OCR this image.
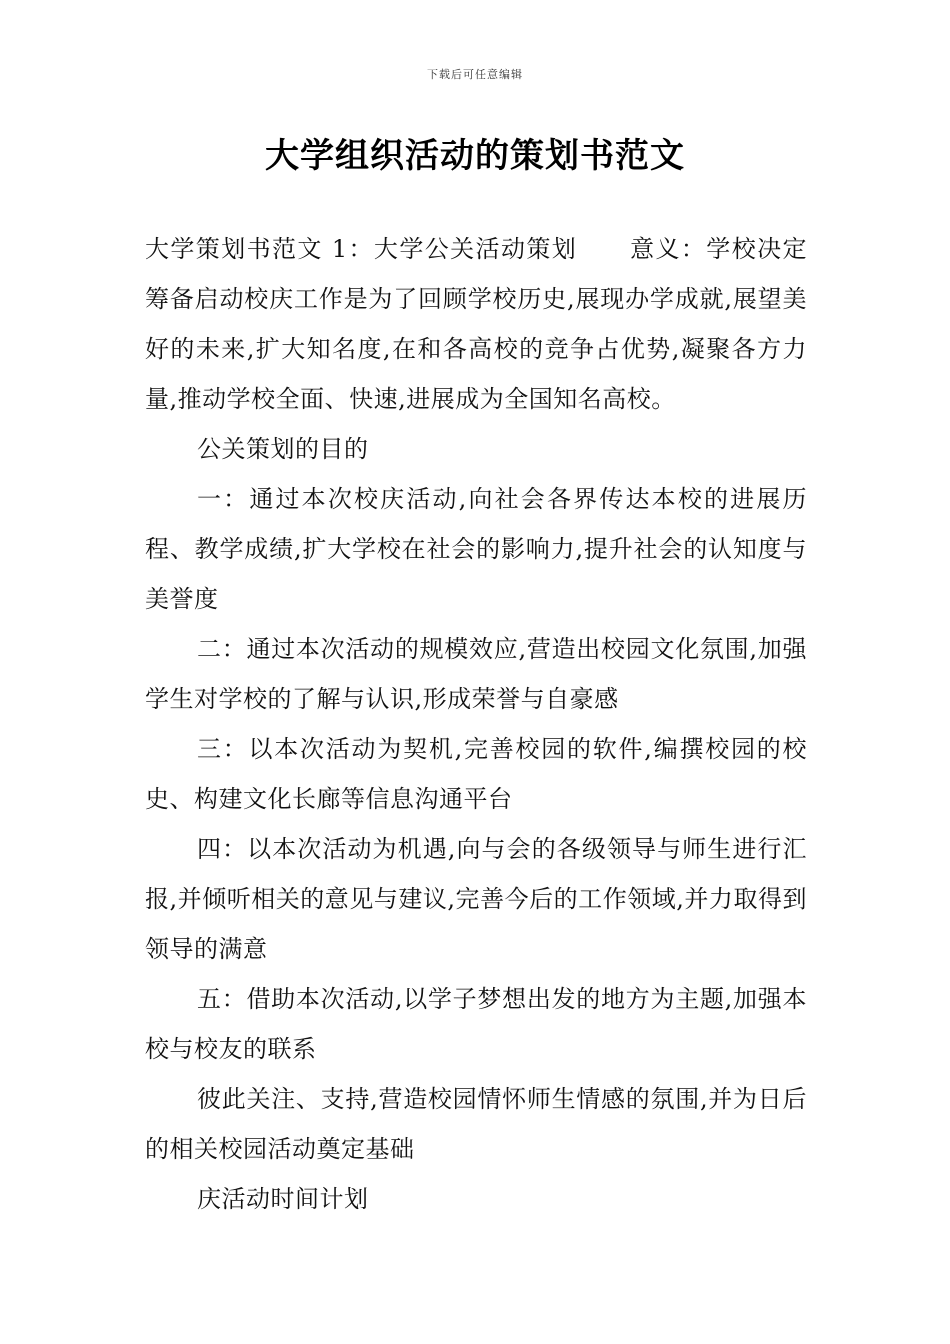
下载后可任意编辑
大学组织活动的策划书范文

大学策划书范文 1：大学公关活动策划 意义：学校决定筹备启动校庆工作是为了回顾学校历史,展现办学成就,展望美好的未来,扩大知名度,在和各高校的竞争占优势,凝聚各方力量,推动学校全面、快速,进展成为全国知名高校。

公关策划的目的

一：通过本次校庆活动,向社会各界传达本校的进展历程、教学成绩,扩大学校在社会的影响力,提升社会的认知度与美誉度

二：通过本次活动的规模效应,营造出校园文化氛围,加强学生对学校的了解与认识,形成荣誉与自豪感

三：以本次活动为契机,完善校园的软件,编撰校园的校史、构建文化长廊等信息沟通平台

四：以本次活动为机遇,向与会的各级领导与师生进行汇报,并倾听相关的意见与建议,完善今后的工作领域,并力取得到领导的满意

五：借助本次活动,以学子梦想出发的地方为主题,加强本校与校友的联系

彼此关注、支持,营造校园情怀师生情感的氛围,并为日后的相关校园活动奠定基础

庆活动时间计划
